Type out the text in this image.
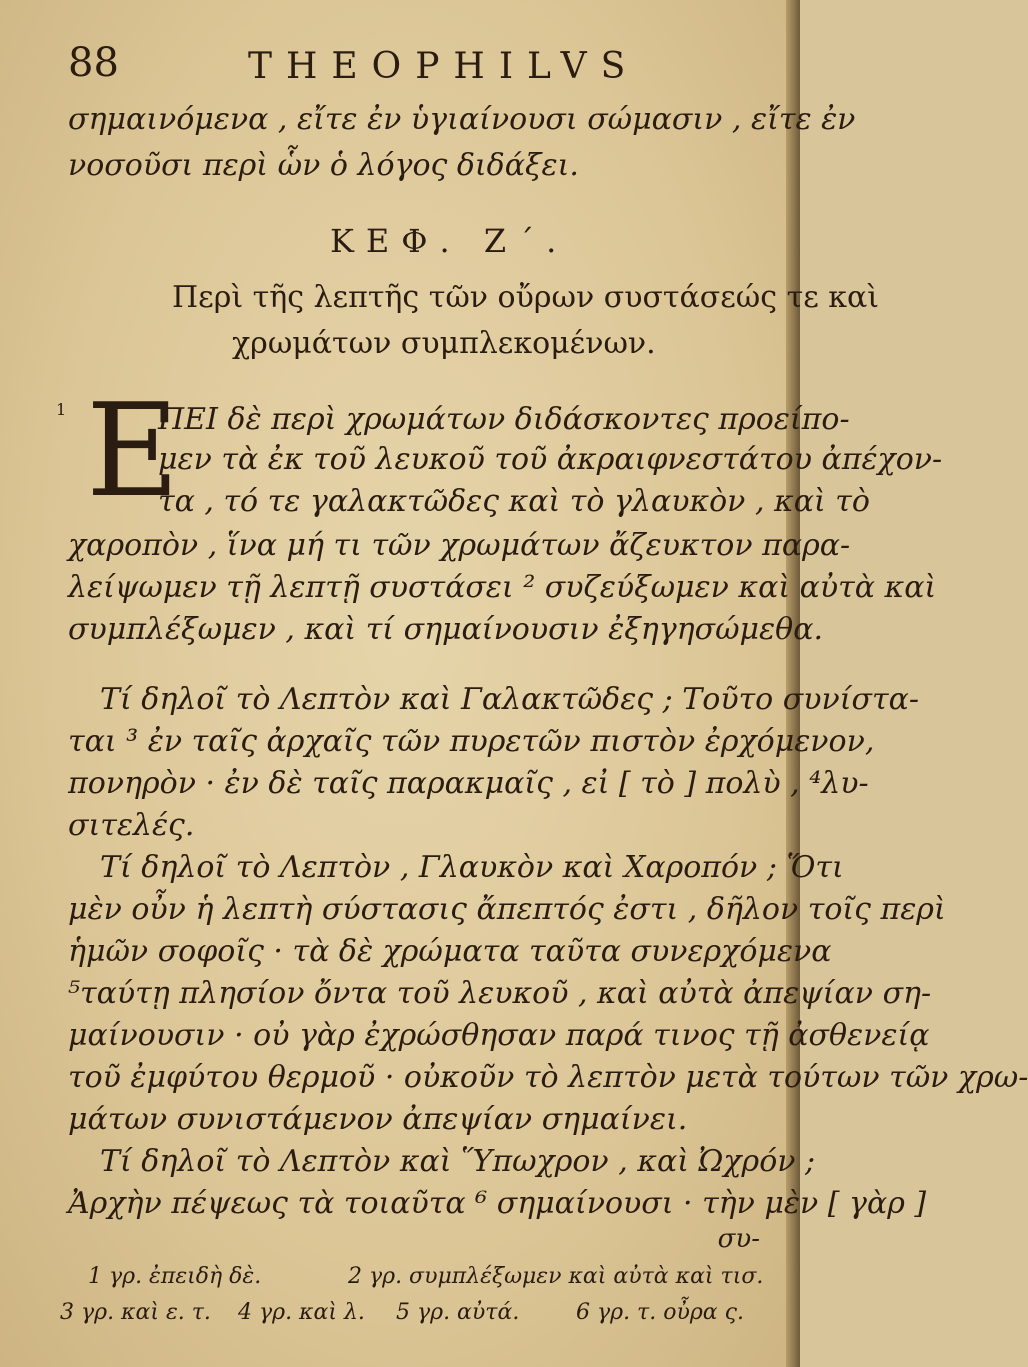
88	THEOPHILVS
σημαινόμενα , εἴτε ἐν ὑγιαίνουσι σώμασιν , εἴτε ἐν
νοσοῦσι περὶ ὧν ὁ λόγος διδάξει.
ΚΕΦ. Ζ´.
Περὶ τῆς λεπτῆς τῶν οὔρων συστάσεώς τε καὶ
χρωμάτων συμπλεκομένων.
1 Ε
ΠΕΙ δὲ περὶ χρωμάτων διδάσκοντες προείπο-
μεν τὰ ἐκ τοῦ λευκοῦ τοῦ ἀκραιφνεστάτου ἀπέχον-
τα , τό τε γαλακτῶδες καὶ τὸ γλαυκὸν , καὶ τὸ
χαροπὸν , ἵνα μή τι τῶν χρωμάτων ἄζευκτον παρα-
λείψωμεν τῇ λεπτῇ συστάσει ² συζεύξωμεν καὶ αὐτὰ καὶ
συμπλέξωμεν , καὶ τί σημαίνουσιν ἐξηγησώμεθα.
Τί δηλοῖ τὸ Λεπτὸν καὶ Γαλακτῶδες ; Τοῦτο συνίστα-
ται ³ ἐν ταῖς ἀρχαῖς τῶν πυρετῶν πιστὸν ἐρχόμενον,
πονηρὸν · ἐν δὲ ταῖς παρακμαῖς , εἰ [ τὸ ] πολὺ , ⁴λυ-
σιτελές.
Τί δηλοῖ τὸ Λεπτὸν , Γλαυκὸν καὶ Χαροπόν ; Ὅτι
μὲν οὖν ἡ λεπτὴ σύστασις ἄπεπτός ἐστι , δῆλον τοῖς περὶ
ἡμῶν σοφοῖς · τὰ δὲ χρώματα ταῦτα συνερχόμενα
⁵ταύτῃ πλησίον ὄντα τοῦ λευκοῦ , καὶ αὐτὰ ἀπεψίαν ση-
μαίνουσιν · οὐ γὰρ ἐχρώσθησαν παρά τινος τῇ ἀσθενείᾳ
τοῦ ἐμφύτου θερμοῦ · οὐκοῦν τὸ λεπτὸν μετὰ τούτων τῶν χρω-
μάτων συνιστάμενον ἀπεψίαν σημαίνει.
Τί δηλοῖ τὸ Λεπτὸν καὶ Ὕπωχρον , καὶ Ὠχρόν ;
Ἀρχὴν πέψεως τὰ τοιαῦτα ⁶ σημαίνουσι · τὴν μὲν [ γὰρ ]
συ-
1 γρ. ἐπειδὴ δὲ.	2 γρ. συμπλέξωμεν καὶ αὐτὰ καὶ τισ.
3 γρ. καὶ ε. τ. 4 γρ. καὶ λ. 5 γρ. αὐτά.	6 γρ. τ. οὖρα ς.
